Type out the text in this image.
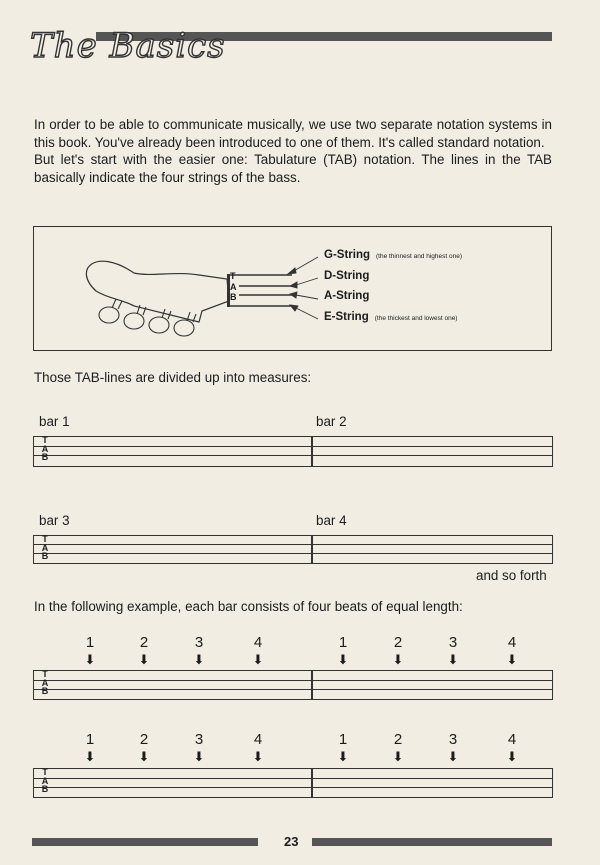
The Basics

In order to be able to communicate musically, we use two separate notation systems in this book. You've already been introduced to one of them. It's called standard notation.

But let's start with the easier one: Tabulature (TAB) notation. The lines in the TAB basically indicate the four strings of the bass.

T
A
B
G-String (the thinnest and highest one)
D-String
A-String
E-String (the thickest and lowest one)
Those TAB-lines are divided up into measures:
bar 1	bar 2
T
A
B
bar 3	bar 4
T
A
B
and so forth
In the following example, each bar consists of four beats of equal length:
1	2	3	4	1	2	3	4
⬇	⬇	⬇	⬇	⬇	⬇	⬇	⬇
T
A
B
1	2	3	4	1	2	3	4
⬇	⬇	⬇	⬇	⬇	⬇	⬇	⬇
T
A
B
23
